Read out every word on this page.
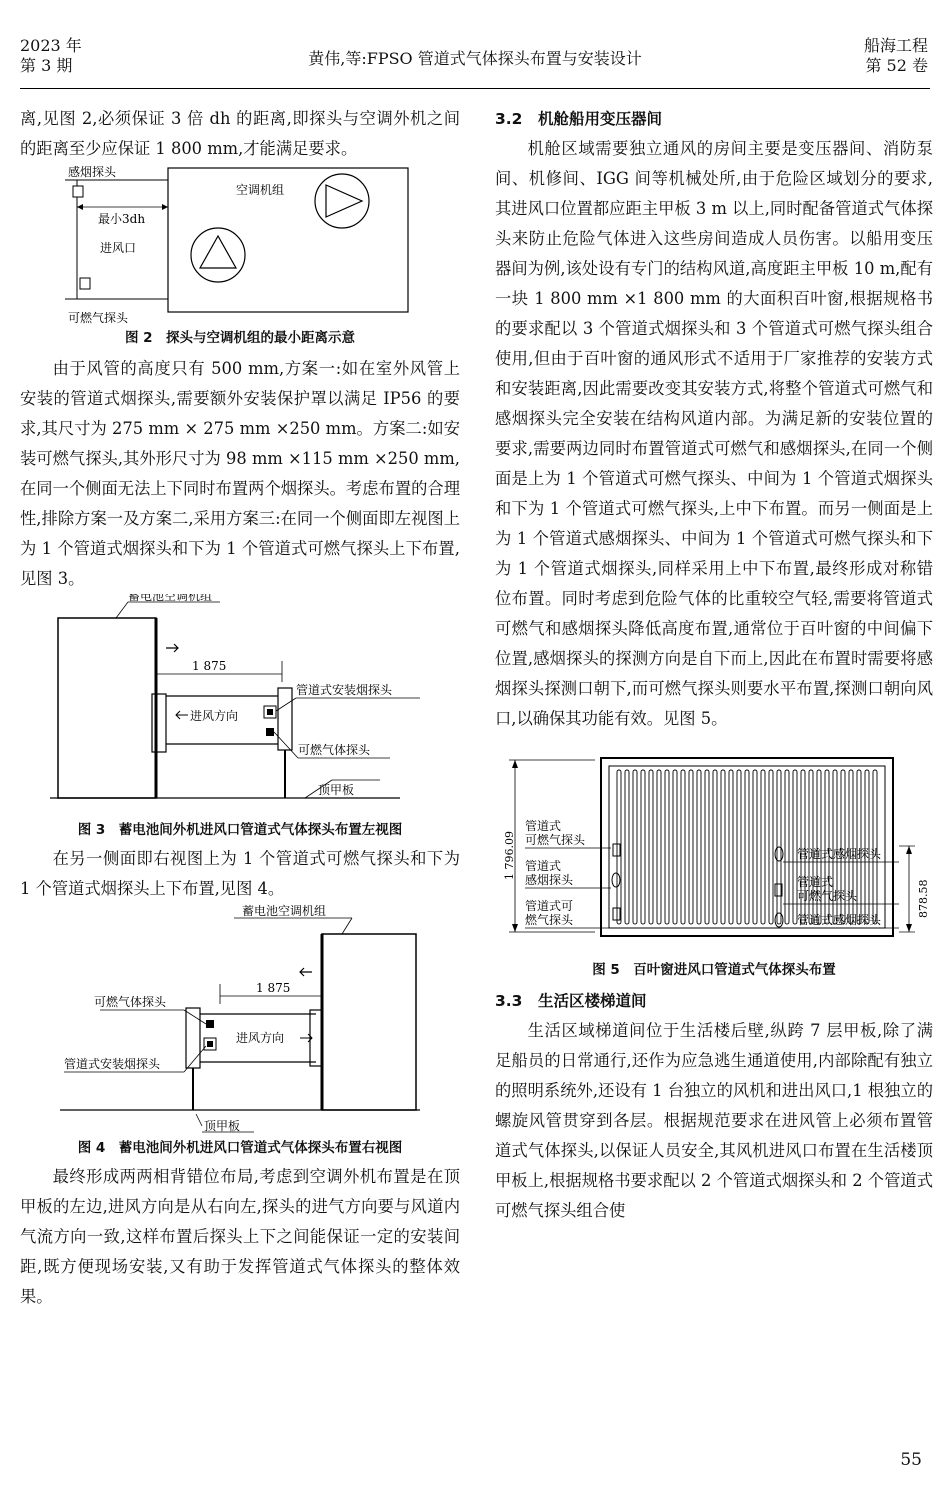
2023 年
第 3 期	黄伟,等:FPSO 管道式气体探头布置与安装设计
船海工程
第 52 卷

离,见图 2,必须保证 3 倍 dh 的距离,即探头与空调外机之间的距离至少应保证 1 800 mm,才能满足要求。

感烟探头
最小3dh
空调机组
进风口
可燃气探头

图 2　探头与空调机组的最小距离示意

由于风管的高度只有 500 mm,方案一:如在室外风管上安装的管道式烟探头,需要额外安装保护罩以满足 IP56 的要求,其尺寸为 275 mm × 275 mm ×250 mm。方案二:如安装可燃气探头,其外形尺寸为 98 mm ×115 mm ×250 mm,在同一个侧面无法上下同时布置两个烟探头。考虑布置的合理性,排除方案一及方案二,采用方案三:在同一个侧面即左视图上为 1 个管道式烟探头和下为 1 个管道式可燃气探头上下布置,见图 3。

蓄电池空调机组
1 875
管道式安装烟探头
进风方向
可燃气体探头
顶甲板

图 3　蓄电池间外机进风口管道式气体探头布置左视图

在另一侧面即右视图上为 1 个管道式可燃气探头和下为 1 个管道式烟探头上下布置,见图 4。

蓄电池空调机组
1 875
可燃气体探头
进风方向
管道式安装烟探头
顶甲板

图 4　蓄电池间外机进风口管道式气体探头布置右视图

最终形成两两相背错位布局,考虑到空调外机布置是在顶甲板的左边,进风方向是从右向左,探头的进气方向要与风道内气流方向一致,这样布置后探头上下之间能保证一定的安装间距,既方便现场安装,又有助于发挥管道式气体探头的整体效果。

3.2　机舱船用变压器间

机舱区域需要独立通风的房间主要是变压器间、消防泵间、机修间、IGG 间等机械处所,由于危险区域划分的要求,其进风口位置都应距主甲板 3 m 以上,同时配备管道式气体探头来防止危险气体进入这些房间造成人员伤害。以船用变压器间为例,该处设有专门的结构风道,高度距主甲板 10 m,配有一块 1 800 mm ×1 800 mm 的大面积百叶窗,根据规格书的要求配以 3 个管道式烟探头和 3 个管道式可燃气探头组合使用,但由于百叶窗的通风形式不适用于厂家推荐的安装方式和安装距离,因此需要改变其安装方式,将整个管道式可燃气和感烟探头完全安装在结构风道内部。为满足新的安装位置的要求,需要两边同时布置管道式可燃气和感烟探头,在同一个侧面是上为 1 个管道式可燃气探头、中间为 1 个管道式烟探头和下为 1 个管道式可燃气探头,上中下布置。而另一侧面是上为 1 个管道式感烟探头、中间为 1 个管道式可燃气探头和下为 1 个管道式烟探头,同样采用上中下布置,最终形成对称错位布置。同时考虑到危险气体的比重较空气轻,需要将管道式可燃气和感烟探头降低高度布置,通常位于百叶窗的中间偏下位置,感烟探头的探测方向是自下而上,因此在布置时需要将感烟探头探测口朝下,而可燃气探头则要水平布置,探测口朝向风口,以确保其功能有效。见图 5。

1 796.09
管道式
可燃气探头
管道式
感烟探头
管道式可
燃气探头
管道式感烟探头
管道式
可燃气探头
管道式感烟探头
878.58

图 5　百叶窗进风口管道式气体探头布置

3.3　生活区楼梯道间

生活区域梯道间位于生活楼后壁,纵跨 7 层甲板,除了满足船员的日常通行,还作为应急逃生通道使用,内部除配有独立的照明系统外,还设有 1 台独立的风机和进出风口,1 根独立的螺旋风管贯穿到各层。根据规范要求在进风管上必须布置管道式气体探头,以保证人员安全,其风机进风口布置在生活楼顶甲板上,根据规格书要求配以 2 个管道式烟探头和 2 个管道式可燃气探头组合使

55
